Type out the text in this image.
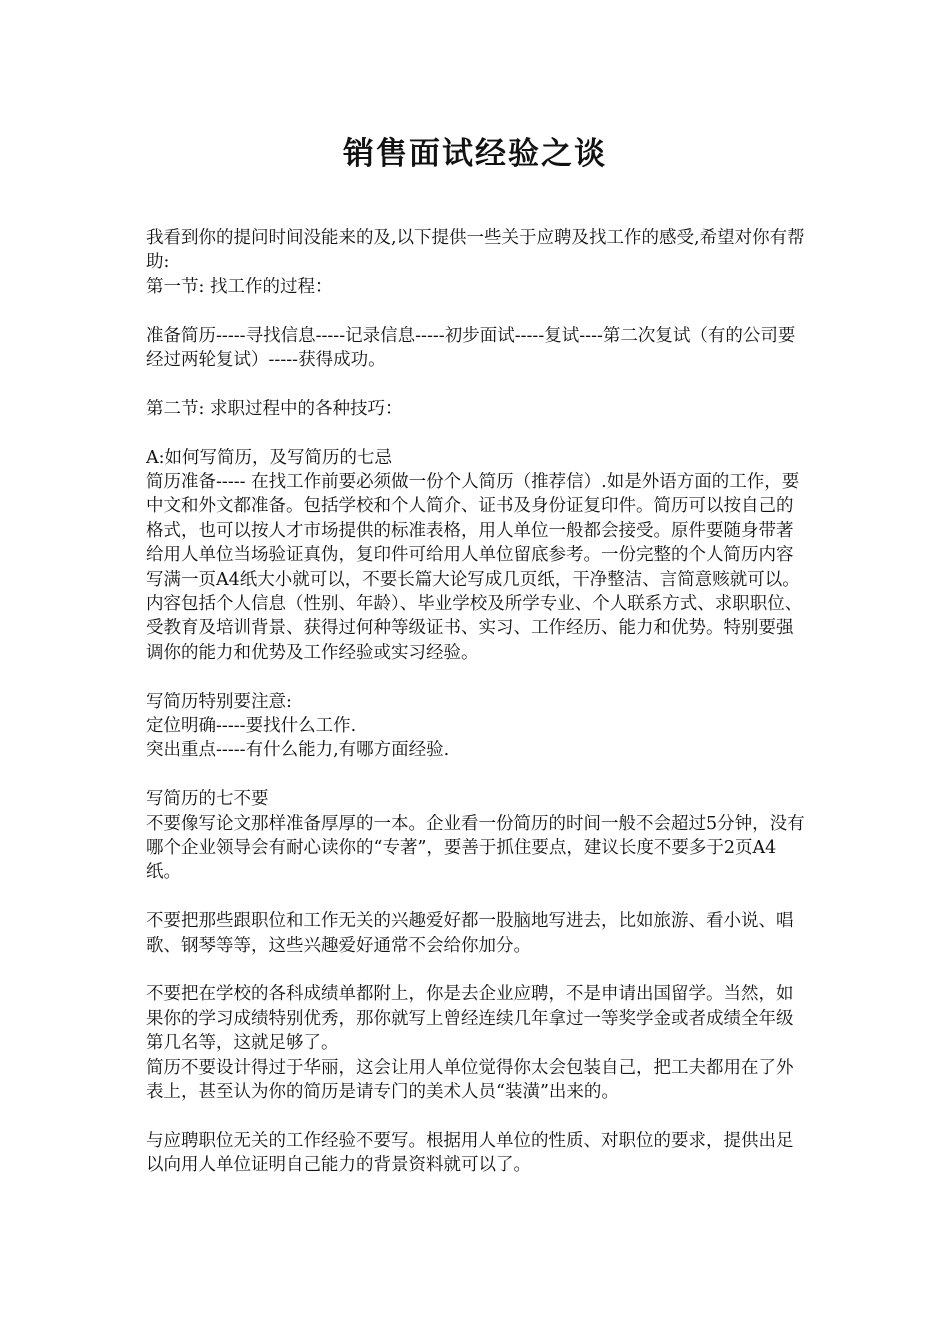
销售面试经验之谈

我看到你的提问时间没能来的及,以下提供一些关于应聘及找工作的感受,希望对你有帮助:

第一节: 找工作的过程：

准备简历-----寻找信息-----记录信息-----初步面试-----复试----第二次复试（有的公司要经过两轮复试）-----获得成功。

第二节: 求职过程中的各种技巧：

A:如何写简历，及写简历的七忌

简历准备----- 在找工作前要必须做一份个人简历（推荐信）.如是外语方面的工作，要中文和外文都准备。包括学校和个人简介、证书及身份证复印件。简历可以按自己的格式，也可以按人才市场提供的标准表格，用人单位一般都会接受。原件要随身带著给用人单位当场验证真伪，复印件可给用人单位留底参考。一份完整的个人简历内容写满一页A4纸大小就可以，不要长篇大论写成几页纸，干净整洁、言简意赅就可以。内容包括个人信息（性别、年龄）、毕业学校及所学专业、个人联系方式、求职职位、受教育及培训背景、获得过何种等级证书、实习、工作经历、能力和优势。特别要强调你的能力和优势及工作经验或实习经验。

写简历特别要注意:

定位明确-----要找什么工作.

突出重点-----有什么能力,有哪方面经验.

写简历的七不要

不要像写论文那样准备厚厚的一本。企业看一份简历的时间一般不会超过5分钟，没有哪个企业领导会有耐心读你的“专著”，要善于抓住要点，建议长度不要多于2页A4纸。

不要把那些跟职位和工作无关的兴趣爱好都一股脑地写进去，比如旅游、看小说、唱歌、钢琴等等，这些兴趣爱好通常不会给你加分。

不要把在学校的各科成绩单都附上，你是去企业应聘，不是申请出国留学。当然，如果你的学习成绩特别优秀，那你就写上曾经连续几年拿过一等奖学金或者成绩全年级第几名等，这就足够了。

简历不要设计得过于华丽，这会让用人单位觉得你太会包装自己，把工夫都用在了外表上，甚至认为你的简历是请专门的美术人员“装潢”出来的。

与应聘职位无关的工作经验不要写。根据用人单位的性质、对职位的要求，提供出足以向用人单位证明自己能力的背景资料就可以了。
